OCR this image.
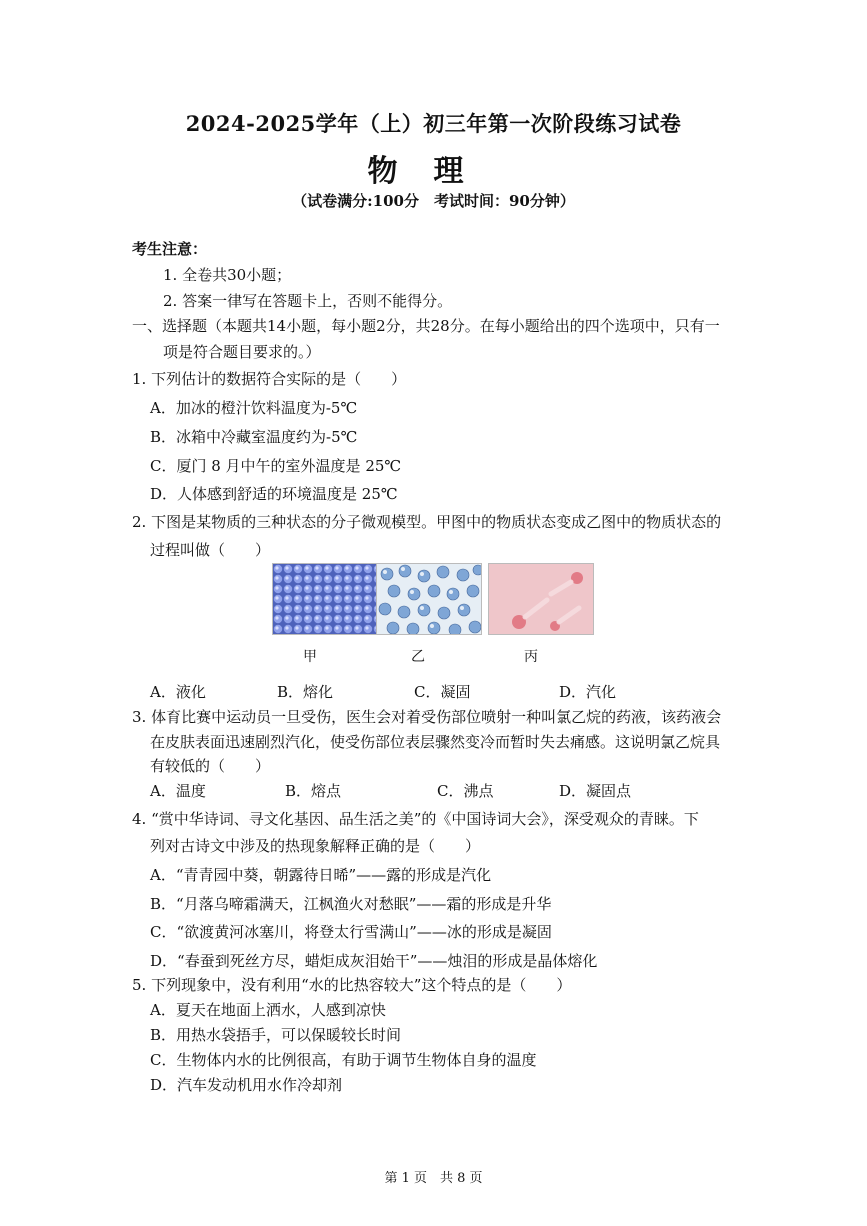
2024-2025学年（上）初三年第一次阶段练习试卷
物理
（试卷满分:100分　考试时间：90分钟）
考生注意：
1. 全卷共30小题；
2. 答案一律写在答题卡上，否则不能得分。
一、选择题（本题共14小题，每小题2分，共28分。在每小题给出的四个选项中，只有一
项是符合题目要求的。）
1. 下列估计的数据符合实际的是（　　）
A．加冰的橙汁饮料温度为-5℃
B．冰箱中冷藏室温度约为-5℃
C．厦门 8 月中午的室外温度是 25℃
D．人体感到舒适的环境温度是 25℃
2. 下图是某物质的三种状态的分子微观模型。甲图中的物质状态变成乙图中的物质状态的
过程叫做（　　）
甲	乙	丙
A．液化	B．熔化	C．凝固	D．汽化
3. 体育比赛中运动员一旦受伤，医生会对着受伤部位喷射一种叫氯乙烷的药液，该药液会
在皮肤表面迅速剧烈汽化，使受伤部位表层骤然变冷而暂时失去痛感。这说明氯乙烷具
有较低的（　　）
A．温度	B．熔点	C．沸点	D．凝固点
4. “赏中华诗词、寻文化基因、品生活之美”的《中国诗词大会》，深受观众的青睐。下
列对古诗文中涉及的热现象解释正确的是（　　）
A．“青青园中葵，朝露待日晞”——露的形成是汽化
B．“月落乌啼霜满天，江枫渔火对愁眠”——霜的形成是升华
C．“欲渡黄河冰塞川，将登太行雪满山”——冰的形成是凝固
D．“春蚕到死丝方尽，蜡炬成灰泪始干”——烛泪的形成是晶体熔化
5. 下列现象中，没有利用“水的比热容较大”这个特点的是（　　）
A．夏天在地面上洒水，人感到凉快
B．用热水袋捂手，可以保暖较长时间
C．生物体内水的比例很高，有助于调节生物体自身的温度
D．汽车发动机用水作冷却剂
第 1 页　共 8 页
